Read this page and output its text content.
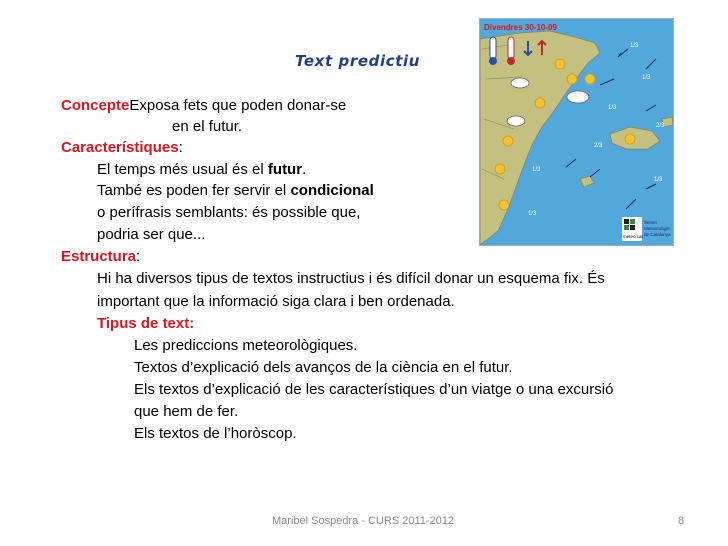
Text predictiu
Divendres 30-10-09
1/3
1/3
2/3
1/3
2/3
1/3
1/3
1/3
meteo.cat
Servei
Meteorològic
de Catalunya
ConcepteExposa fets que poden donar-se
en el futur.
Característiques:
El temps més usual és el futur.
També es poden fer servir el condicional
o perífrasis semblants: és possible que,
podria ser que...
Estructura:
Hi ha diversos tipus de textos instructius i és difícil donar un esquema fix. És
important que la informació siga clara i ben ordenada.
Tipus de text:
Les prediccions meteorològiques.
Textos d’explicació dels avanços de la ciència en el futur.
Els textos d’explicació de les característiques d’un viatge o una excursió
que hem de fer.
Els textos de l’horòscop.
Maribel Sospedra - CURS 2011-2012	8
